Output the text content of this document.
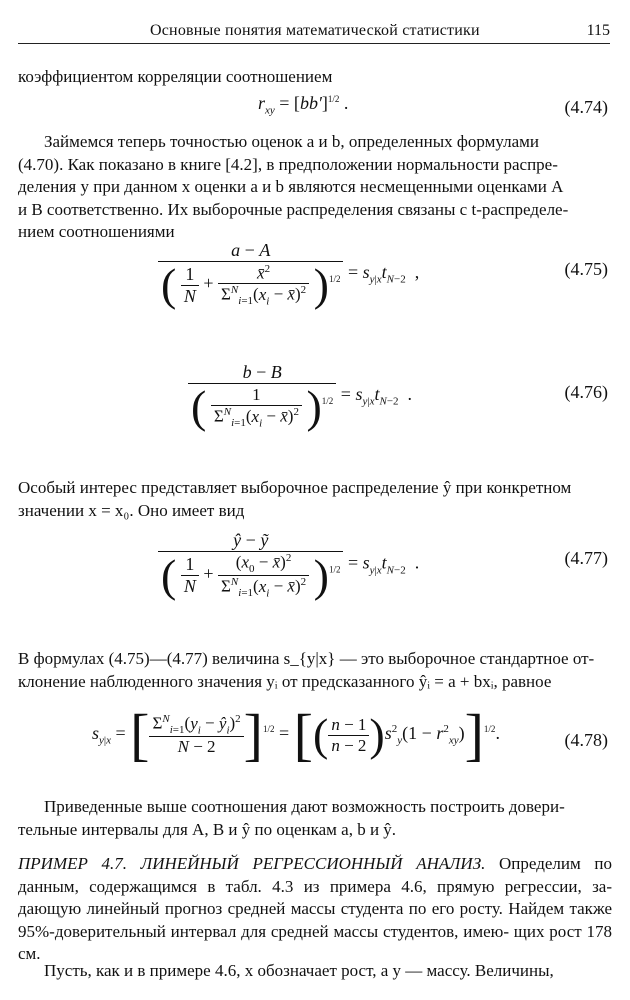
Основные понятия математической статистики	115
коэффициентом корреляции соотношением
$r_{xy} = [bb']^{1/2}$ .	(4.74)
Займемся теперь точностью оценок a и b, определенных формулами
(4.70). Как показано в книге [4.2], в предположении нормальности распре-
деления y при данном x оценки a и b являются несмещенными оценками A
и B соответственно. Их выборочные распределения связаны с t-распределе-
нием соотношениями
a − A
( $\frac{1}{N} + \frac{x̄^2}{\Sigma^N_{i=1}(x_i - x̄)^2} )^{1/2} = s_{y|x}t_{N-2}$  ,	(4.75)
$\frac{b - B}{( \frac{1}{\Sigma^N_{i=1}(x_i - x̄)^2} )^{1/2}} = s_{y|x}t_{N-2}$  .	(4.76)
Особый интерес представляет выборочное распределение ŷ при конкретном
значении x = x₀. Оно имеет вид
ŷ − ỹ
( $\frac{1}{N} + \frac{(x_0 - x̄)^2}{\Sigma^N_{i=1}(x_i - x̄)^2} )^{1/2} = s_{y|x}t_{N-2}$  .	(4.77)
В формулах (4.75)—(4.77) величина s_{y|x} — это выборочное стандартное от-
клонение наблюденного значения yᵢ от предсказанного ŷᵢ = a + bxᵢ, равное
$s_{y|x}$ = [ $\frac{\Sigma^N_{i=1}(y_i - ŷ_i)^2}{N - 2} ]^{1/2}$ = [( $\frac{n - 1}{n - 2} )s^2_y(1 - r^2_{xy})]^{1/2}$.	(4.78)
Приведенные выше соотношения дают возможность построить довери-
тельные интервалы для A, B и ŷ по оценкам a, b и ŷ.
ПРИМЕР 4.7. ЛИНЕЙНЫЙ РЕГРЕССИОННЫЙ АНАЛИЗ. Определим по данным, содержащимся в табл. 4.3 из примера 4.6, прямую регрессии, за- дающую линейный прогноз средней массы студента по его росту. Найдем также 95%-доверительный интервал для средней массы студентов, имею- щих рост 178 см.
Пусть, как и в примере 4.6, x обозначает рост, a y — массу. Величины,
